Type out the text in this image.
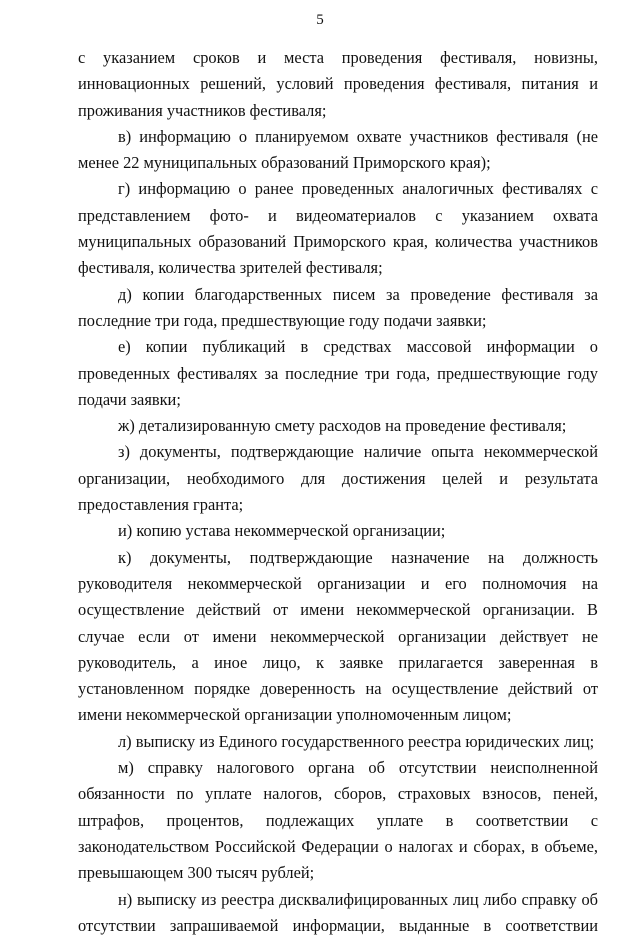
5

с указанием сроков и места проведения фестиваля, новизны, инновационных решений, условий проведения фестиваля, питания и проживания участников фестиваля;

в) информацию о планируемом охвате участников фестиваля (не менее 22 муниципальных образований Приморского края);

г) информацию о ранее проведенных аналогичных фестивалях с представлением фото- и видеоматериалов с указанием охвата муниципальных образований Приморского края, количества участников фестиваля, количества зрителей фестиваля;

д) копии благодарственных писем за проведение фестиваля за последние три года, предшествующие году подачи заявки;

е) копии публикаций в средствах массовой информации о проведенных фестивалях за последние три года, предшествующие году подачи заявки;

ж) детализированную смету расходов на проведение фестиваля;

з) документы, подтверждающие наличие опыта некоммерческой организации, необходимого для достижения целей и результата предоставления гранта;

и) копию устава некоммерческой организации;

к) документы, подтверждающие назначение на должность руководителя некоммерческой организации и его полномочия на осуществление действий от имени некоммерческой организации. В случае если от имени некоммерческой организации действует не руководитель, а иное лицо, к заявке прилагается заверенная в установленном порядке доверенность на осуществление действий от имени некоммерческой организации уполномоченным лицом;

л) выписку из Единого государственного реестра юридических лиц;

м) справку налогового органа об отсутствии неисполненной обязанности по уплате налогов, сборов, страховых взносов, пеней, штрафов, процентов, подлежащих уплате в соответствии с законодательством Российской Федерации о налогах и сборах, в объеме, превышающем 300 тысяч рублей;

н) выписку из реестра дисквалифицированных лиц либо справку об отсутствии запрашиваемой информации, выданные в соответствии
